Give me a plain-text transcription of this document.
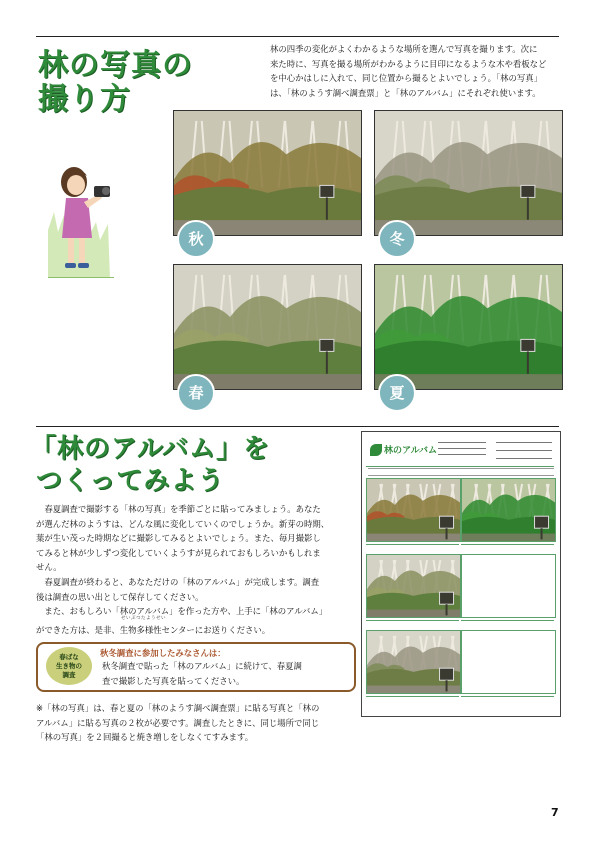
林の写真の
撮り方
林の四季の変化がよくわかるような場所を選んで写真を撮ります。次に
来た時に、写真を撮る場所がわかるように目印になるような木や看板など
を中心かはしに入れて、同じ位置から撮るとよいでしょう。「林の写真」
は、「林のようす調べ調査票」と「林のアルバム」にそれぞれ使います。
秋	冬
春	夏
「林のアルバム」を
つくってみよう
　春夏調査で撮影する「林の写真」を季節ごとに貼ってみましょう。あなた
が選んだ林のようすは、どんな風に変化していくのでしょうか。新芽の時期、
葉が生い茂った時期などに撮影してみるとよいでしょう。また、毎月撮影し
てみると林が少しずつ変化していくようすが見られておもしろいかもしれま
せん。
　春夏調査が終わると、あなただけの「林のアルバム」が完成します。調査
後は調査の思い出として保存してください。
　また、おもしろい「林のアルバム」を作った方や、上手に「林のアルバム」
ができた方は、是非、生物多様性センターにお送りください。
せいぶつたようせい
春ばな
生き物の
調査
秋冬調査に参加したみなさんは：
秋冬調査で貼った「林のアルバム」に続けて、春夏調
査で撮影した写真を貼ってください。
※「林の写真」は、春と夏の「林のようす調べ調査票」に貼る写真と「林の
アルバム」に貼る写真の２枚が必要です。調査したときに、同じ場所で同じ
「林の写真」を２回撮ると焼き増しをしなくてすみます。
林のアルバム
7
